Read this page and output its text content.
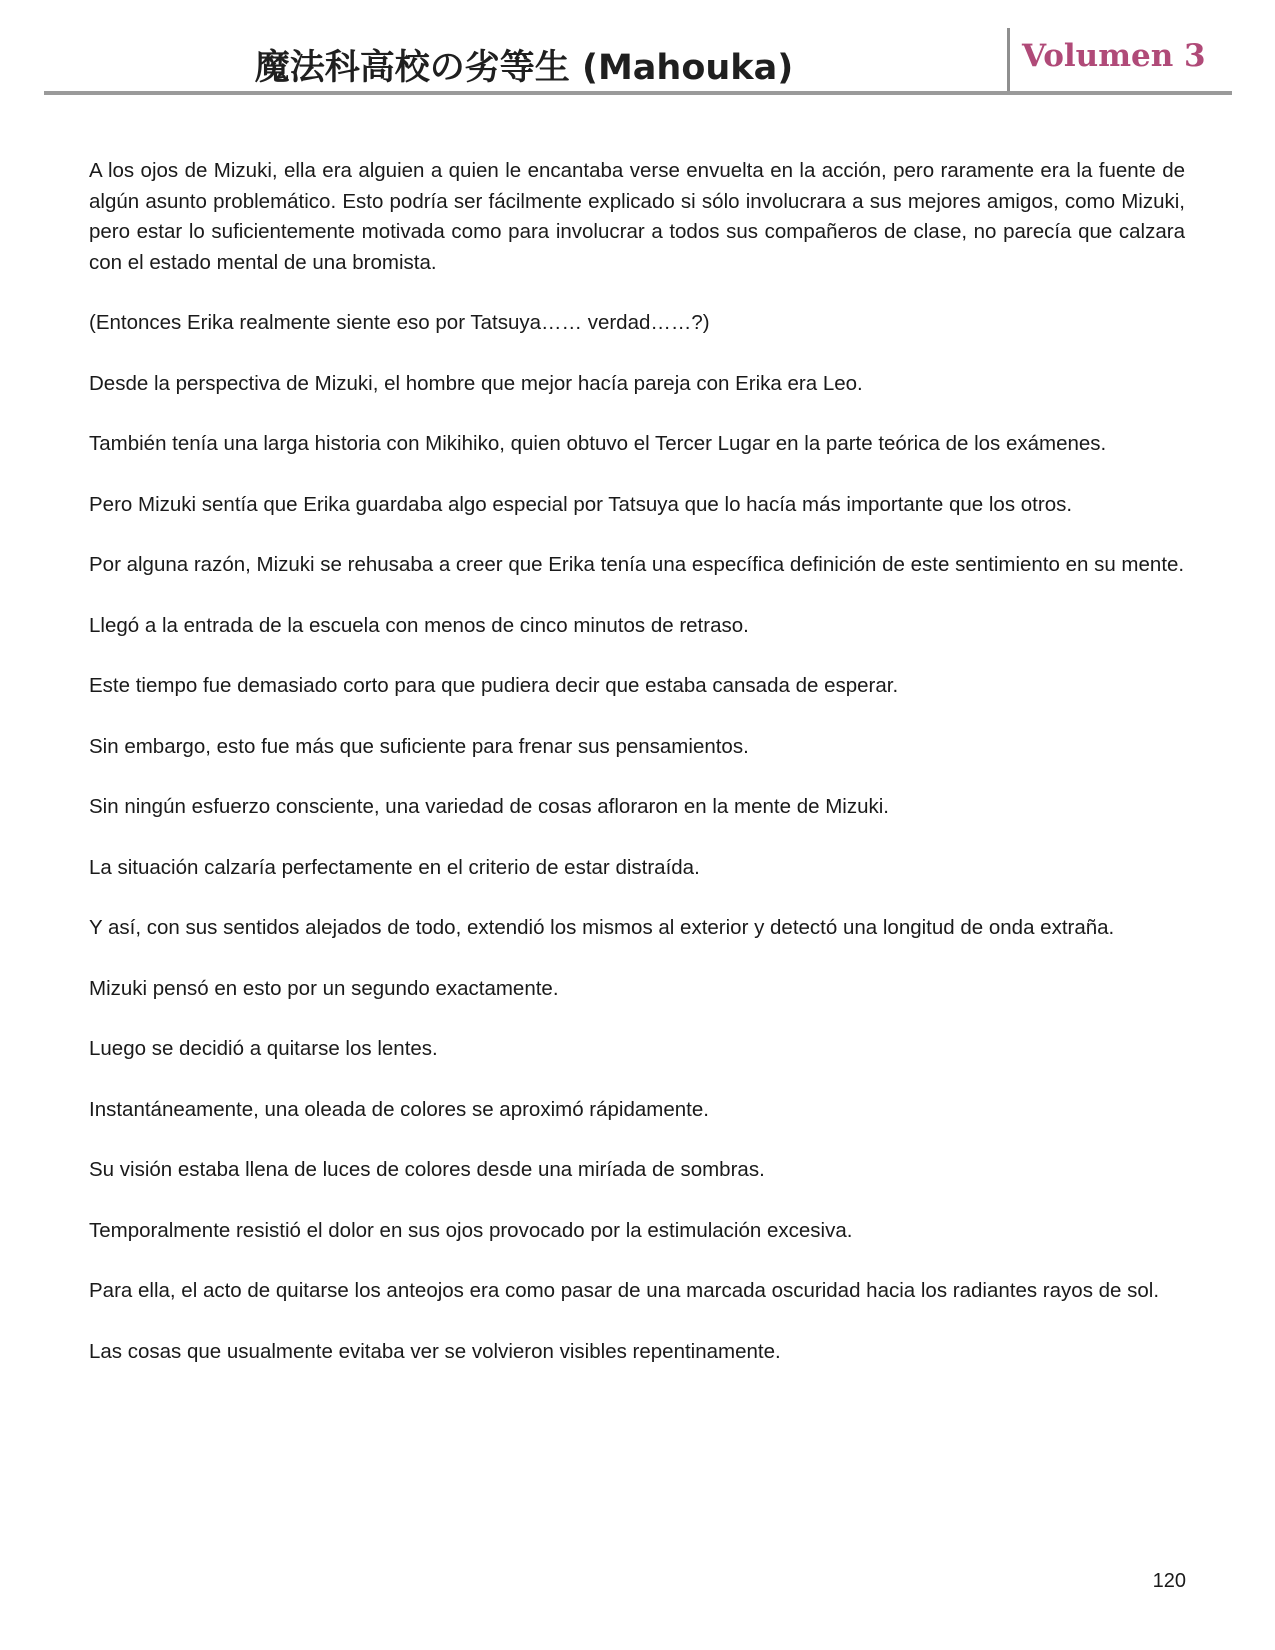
魔法科高校の劣等生 (Mahouka)	Volumen 3

A los ojos de Mizuki, ella era alguien a quien le encantaba verse envuelta en la acción, pero raramente era la fuente de algún asunto problemático. Esto podría ser fácilmente explicado si sólo involucrara a sus mejores amigos, como Mizuki, pero estar lo suficientemente motivada como para involucrar a todos sus compañeros de clase, no parecía que calzara con el estado mental de una bromista.

(Entonces Erika realmente siente eso por Tatsuya…… verdad……?)

Desde la perspectiva de Mizuki, el hombre que mejor hacía pareja con Erika era Leo.

También tenía una larga historia con Mikihiko, quien obtuvo el Tercer Lugar en la parte teórica de los exámenes.

Pero Mizuki sentía que Erika guardaba algo especial por Tatsuya que lo hacía más importante que los otros.

Por alguna razón, Mizuki se rehusaba a creer que Erika tenía una específica definición de este sentimiento en su mente.

Llegó a la entrada de la escuela con menos de cinco minutos de retraso.

Este tiempo fue demasiado corto para que pudiera decir que estaba cansada de esperar.

Sin embargo, esto fue más que suficiente para frenar sus pensamientos.

Sin ningún esfuerzo consciente, una variedad de cosas afloraron en la mente de Mizuki.

La situación calzaría perfectamente en el criterio de estar distraída.

Y así, con sus sentidos alejados de todo, extendió los mismos al exterior y detectó una longitud de onda extraña.

Mizuki pensó en esto por un segundo exactamente.

Luego se decidió a quitarse los lentes.

Instantáneamente, una oleada de colores se aproximó rápidamente.

Su visión estaba llena de luces de colores desde una miríada de sombras.

Temporalmente resistió el dolor en sus ojos provocado por la estimulación excesiva.

Para ella, el acto de quitarse los anteojos era como pasar de una marcada oscuridad hacia los radiantes rayos de sol.

Las cosas que usualmente evitaba ver se volvieron visibles repentinamente.

120
